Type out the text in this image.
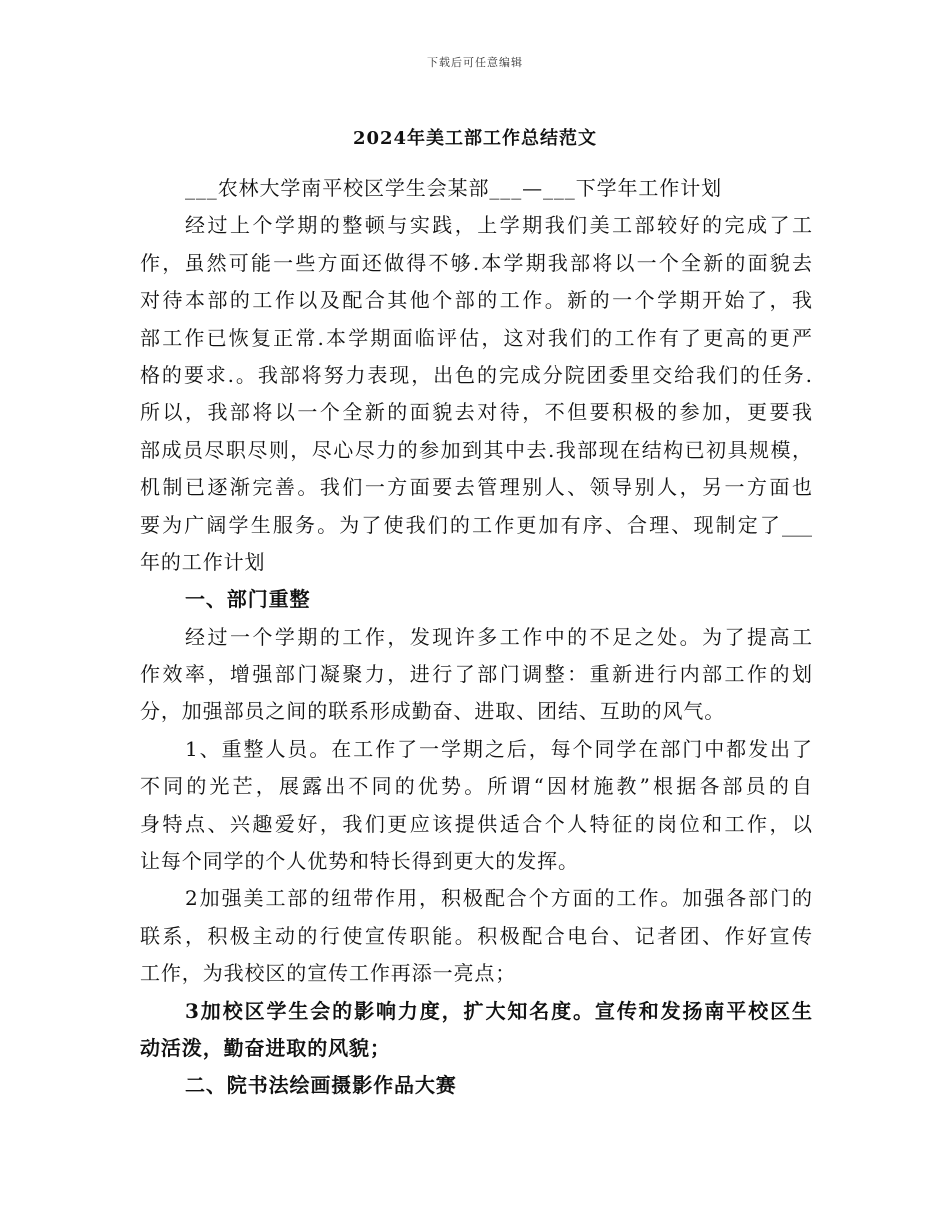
下载后可任意编辑
2024年美工部工作总结范文
___农林大学南平校区学生会某部___—___下学年工作计划
经过上个学期的整顿与实践，上学期我们美工部较好的完成了工
作，虽然可能一些方面还做得不够.本学期我部将以一个全新的面貌去
对待本部的工作以及配合其他个部的工作。新的一个学期开始了，我
部工作已恢复正常.本学期面临评估，这对我们的工作有了更高的更严
格的要求.。我部将努力表现，出色的完成分院团委里交给我们的任务.
所以，我部将以一个全新的面貌去对待，不但要积极的参加，更要我
部成员尽职尽则，尽心尽力的参加到其中去.我部现在结构已初具规模，
机制已逐渐完善。我们一方面要去管理别人、领导别人，另一方面也
要为广阔学生服务。为了使我们的工作更加有序、合理、现制定了___
年的工作计划
一、部门重整
经过一个学期的工作，发现许多工作中的不足之处。为了提高工
作效率，增强部门凝聚力，进行了部门调整：重新进行内部工作的划
分，加强部员之间的联系形成勤奋、进取、团结、互助的风气。
1、重整人员。在工作了一学期之后，每个同学在部门中都发出了
不同的光芒，展露出不同的优势。所谓“因材施教”根据各部员的自
身特点、兴趣爱好，我们更应该提供适合个人特征的岗位和工作，以
让每个同学的个人优势和特长得到更大的发挥。
2加强美工部的纽带作用，积极配合个方面的工作。加强各部门的
联系，积极主动的行使宣传职能。积极配合电台、记者团、作好宣传
工作，为我校区的宣传工作再添一亮点；
3加校区学生会的影响力度，扩大知名度。宣传和发扬南平校区生
动活泼，勤奋进取的风貌；
二、院书法绘画摄影作品大赛
